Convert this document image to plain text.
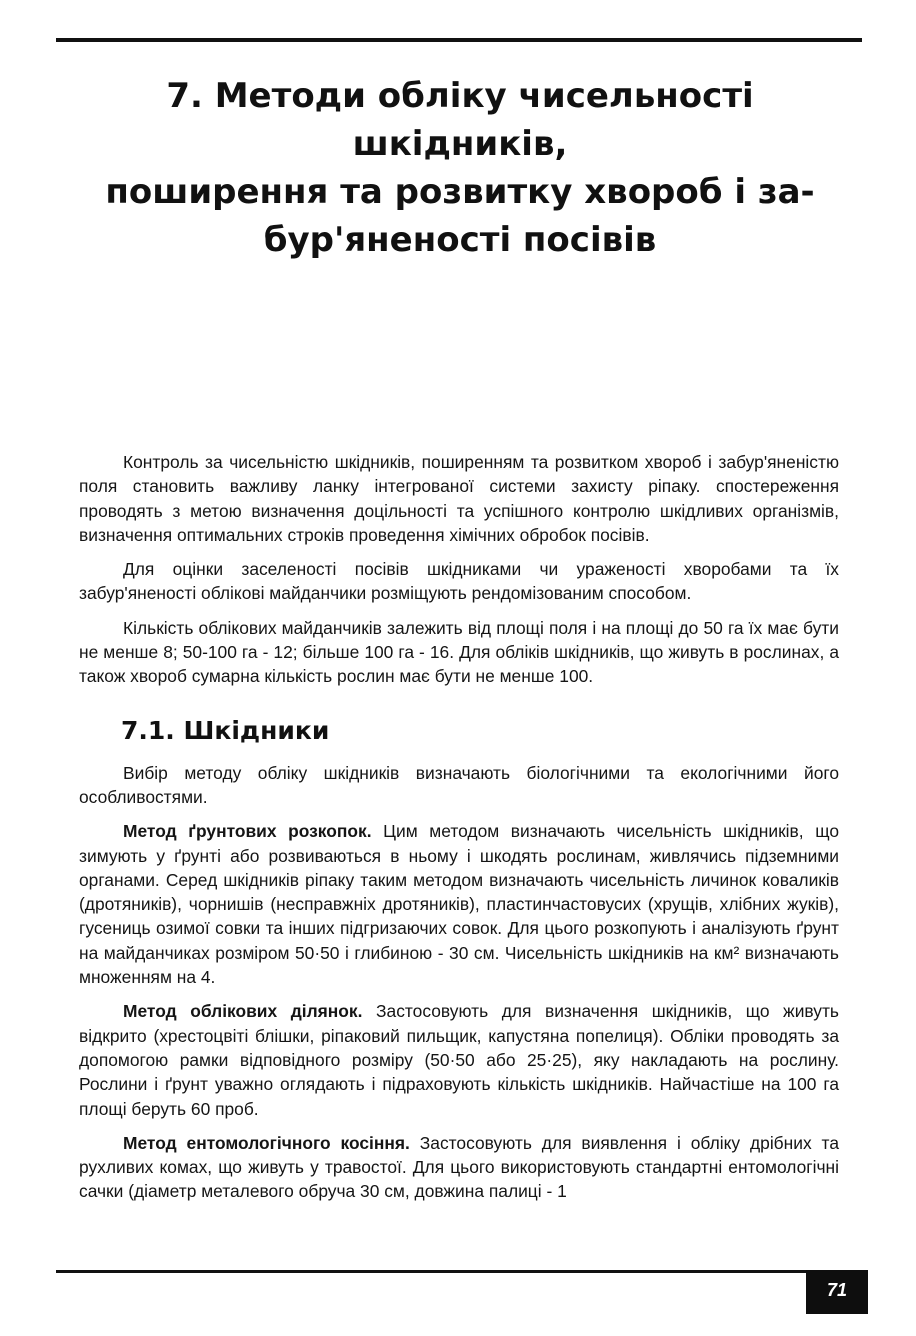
7. Методи обліку чисельності шкідників,
поширення та розвитку хвороб і за-
бур'яненості посівів

Контроль за чисельністю шкідників, поширенням та розвитком хвороб і забур'яненістю поля становить важливу ланку інтегрованої системи захисту ріпаку. спостереження проводять з метою визначення доцільності та успішного контролю шкідливих організмів, визначення оптимальних строків проведення хімічних обробок посівів.

Для оцінки заселеності посівів шкідниками чи ураженості хворобами та їх забур'яненості облікові майданчики розміщують рендомізованим способом.

Кількість облікових майданчиків залежить від площі поля і на площі до 50 га їх має бути не менше 8; 50-100 га - 12; більше 100 га - 16. Для обліків шкідників, що живуть в рослинах, а також хвороб сумарна кількість рослин має бути не менше 100.

7.1. Шкідники

Вибір методу обліку шкідників визначають біологічними та екологічними його особливостями.

Метод ґрунтових розкопок. Цим методом визначають чисельність шкідників, що зимують у ґрунті або розвиваються в ньому і шкодять рослинам, живлячись підземними органами. Серед шкідників ріпаку таким методом визначають чисельність личинок коваликів (дротяників), чорнишів (несправжніх дротяників), пластинчастовусих (хрущів, хлібних жуків), гусениць озимої совки та інших підгризаючих совок. Для цього розкопують і аналізують ґрунт на майданчиках розміром 50·50 і глибиною - 30 см. Чисельність шкідників на км² визначають множенням на 4.

Метод облікових ділянок. Застосовують для визначення шкідників, що живуть відкрито (хрестоцвіті блішки, ріпаковий пильщик, капустяна попелиця). Обліки проводять за допомогою рамки відповідного розміру (50·50 або 25·25), яку накладають на рослину. Рослини і ґрунт уважно оглядають і підраховують кількість шкідників. Найчастіше на 100 га площі беруть 60 проб.

Метод ентомологічного косіння. Застосовують для виявлення і обліку дрібних та рухливих комах, що живуть у травостої. Для цього використовують стандартні ентомологічні сачки (діаметр металевого обруча 30 см, довжина палиці - 1

71
